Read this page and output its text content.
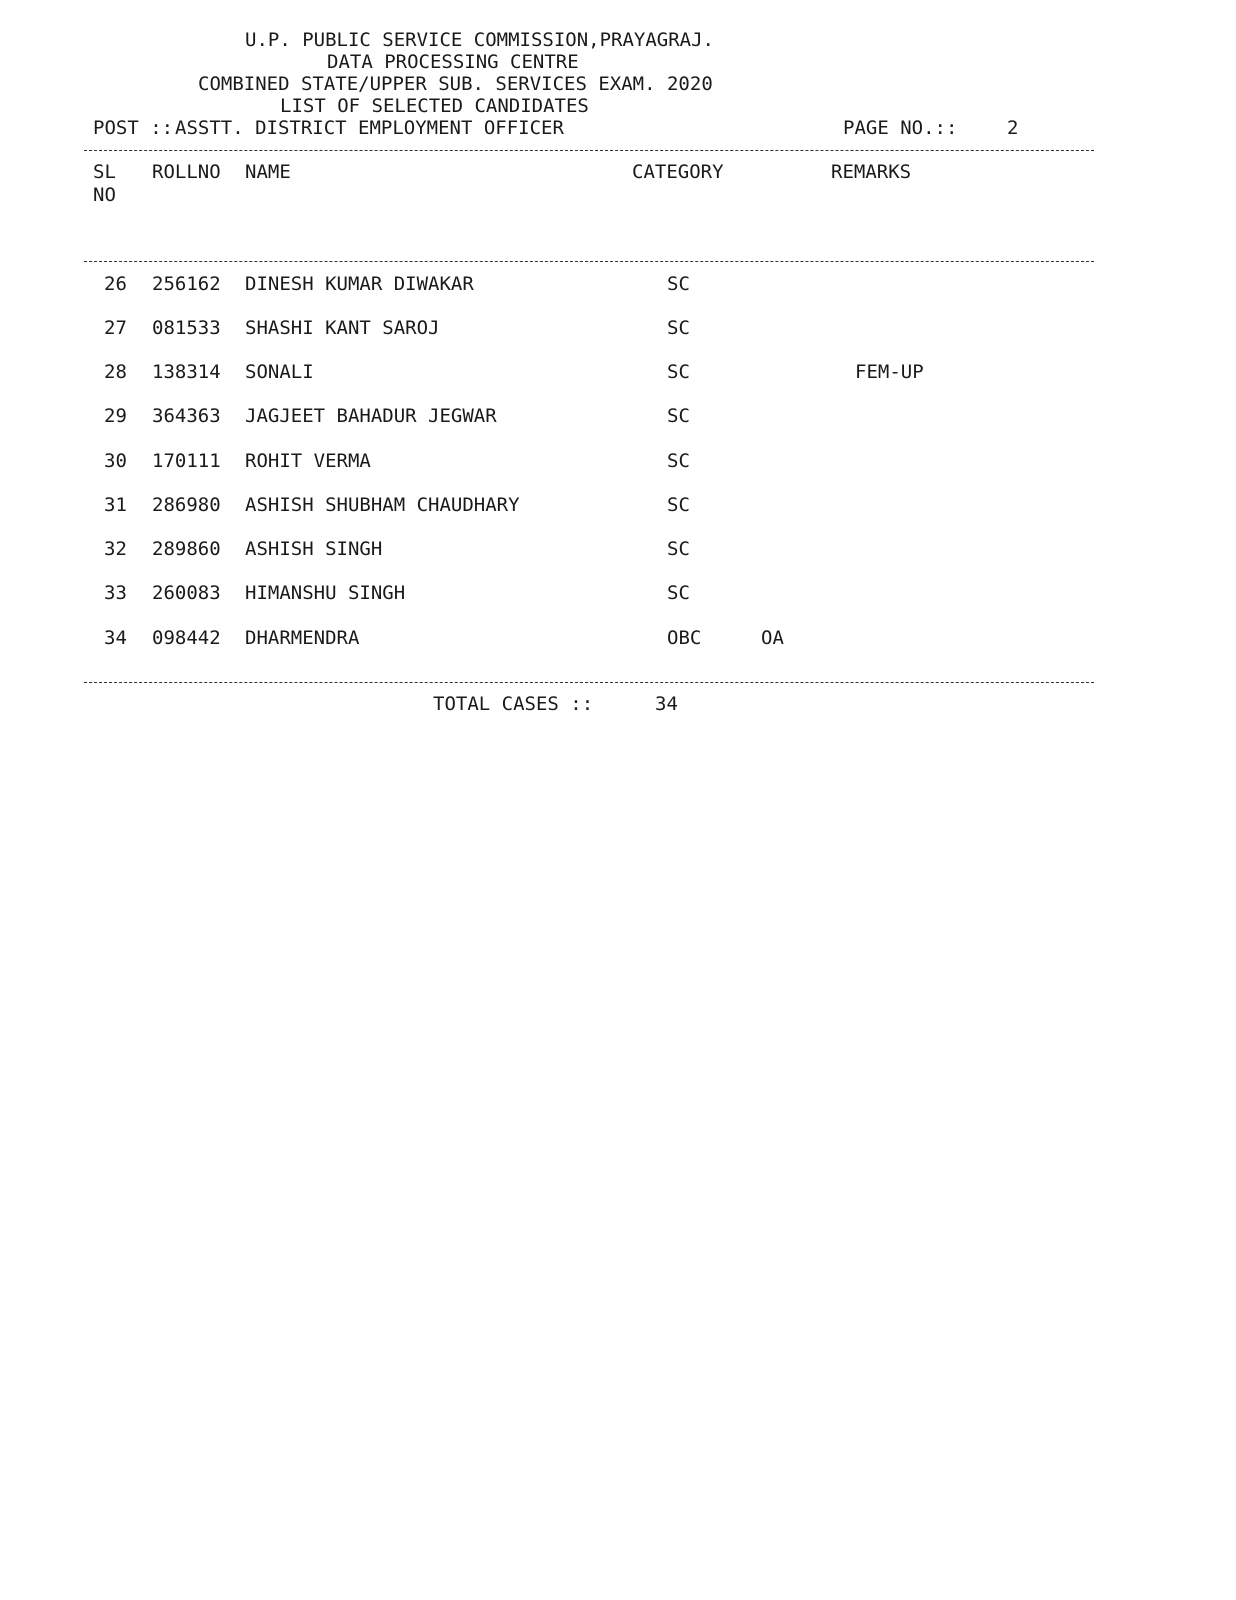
U.P. PUBLIC SERVICE COMMISSION,PRAYAGRAJ.
DATA PROCESSING CENTRE
COMBINED STATE/UPPER SUB. SERVICES EXAM. 2020
LIST OF SELECTED CANDIDATES
POST :: ASSTT. DISTRICT EMPLOYMENT OFFICER	PAGE NO.::	2
SL
NO
ROLLNO NAME	CATEGORY	REMARKS
26 256162 DINESH KUMAR DIWAKAR	SC
27 081533 SHASHI KANT SAROJ	SC
28 138314 SONALI	SC	FEM-UP
29 364363 JAGJEET BAHADUR JEGWAR	SC
30 170111 ROHIT VERMA	SC
31 286980 ASHISH SHUBHAM CHAUDHARY	SC
32 289860 ASHISH SINGH	SC
33 260083 HIMANSHU SINGH	SC
34 098442 DHARMENDRA	OBC	OA
TOTAL CASES ::	34
